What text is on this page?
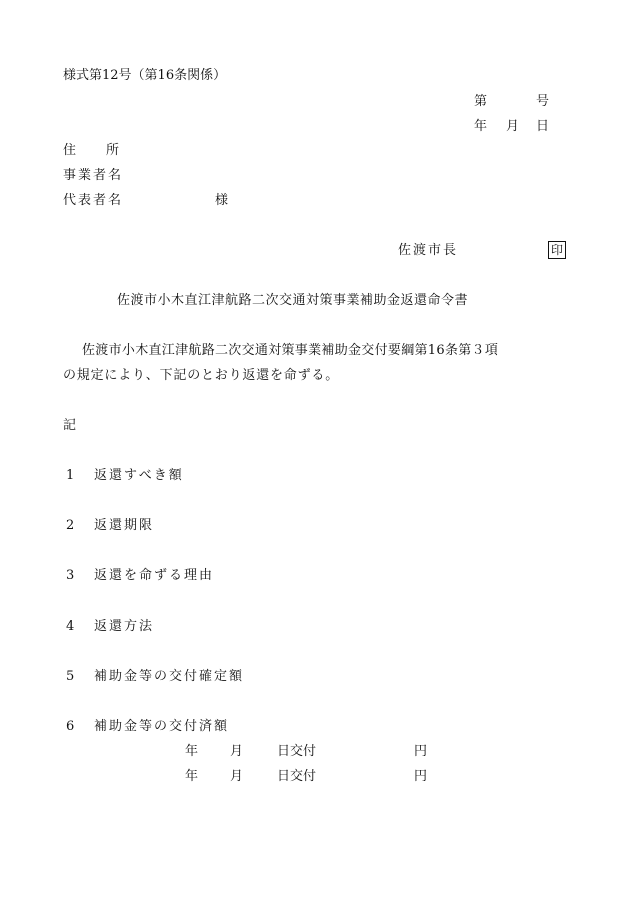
様式第12号（第16条関係）
第	号
年 月 日
住 所
事業者名
代表者名	様
佐渡市長	印
佐渡市小木直江津航路二次交通対策事業補助金返還命令書
佐渡市小木直江津航路二次交通対策事業補助金交付要綱第16条第３項
の規定により、下記のとおり返還を命ずる。
記
1 返還すべき額
2 返還期限
3 返還を命ずる理由
4 返還方法
5 補助金等の交付確定額
6 補助金等の交付済額
年 月	日交付	円
年 月	日交付	円
